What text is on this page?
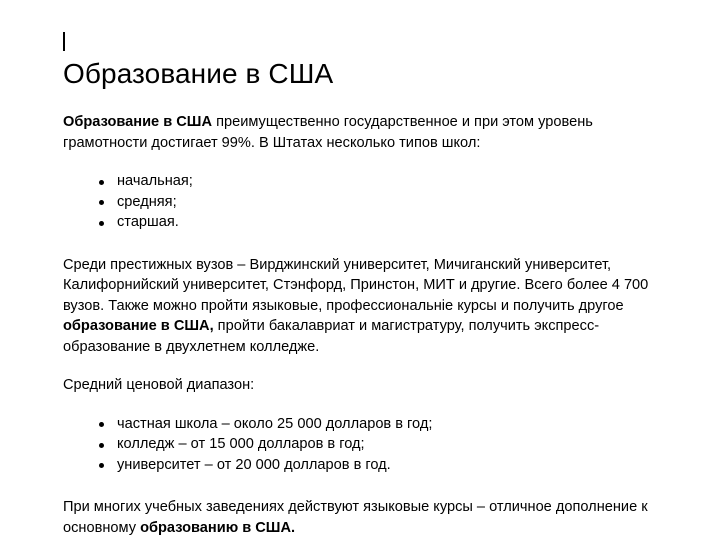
Образование в США

Образование в США преимущественно государственное и при этом уровень грамотности достигает 99%. В Штатах несколько типов школ:

начальная;
средняя;
старшая.

Среди престижных вузов – Вирджинский университет, Мичиганский университет, Калифорнийский университет, Стэнфорд, Принстон, МИТ и другие. Всего более 4 700 вузов. Также можно пройти языковые, профессиональніе курсы и получить другое образование в США, пройти бакалавриат и магистратуру, получить экспресс-образование в двухлетнем колледже.

Средний ценовой диапазон:

частная школа – около 25 000 долларов в год;
колледж – от 15 000 долларов в год;
университет – от 20 000 долларов в год.

При многих учебных заведениях действуют языковые курсы – отличное дополнение к основному образованию в США.
